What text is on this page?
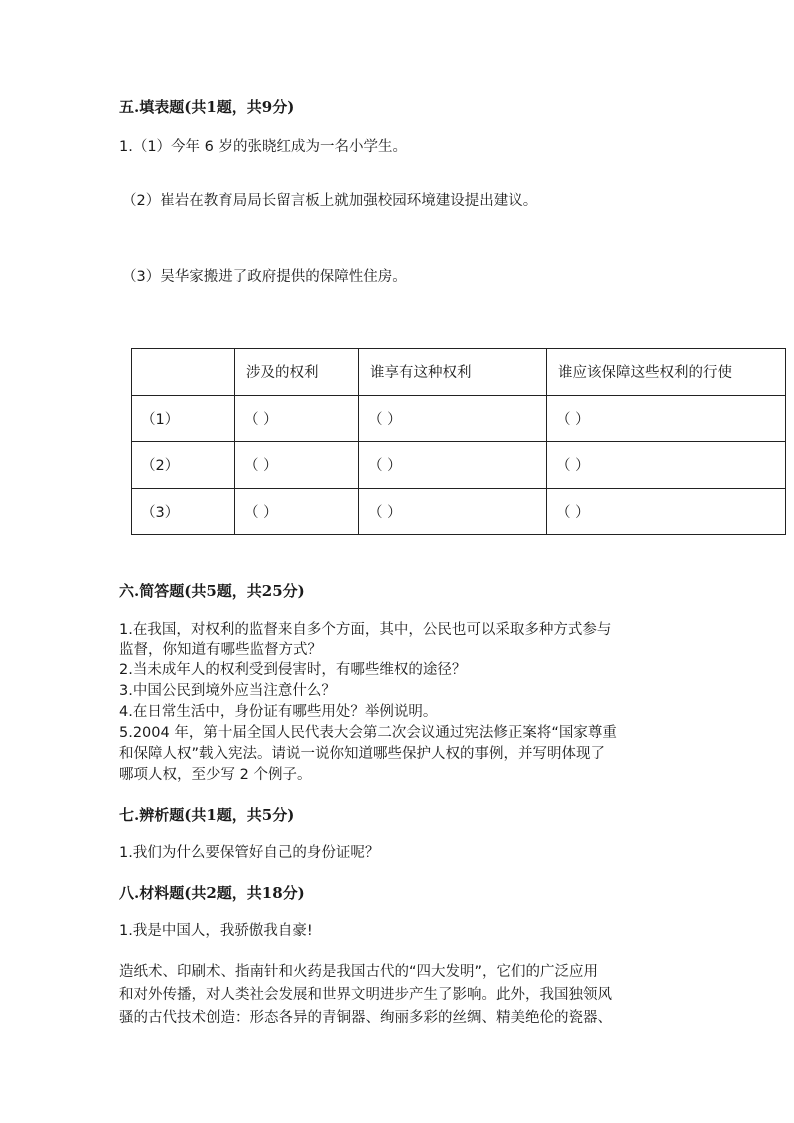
五.填表题(共1题，共9分)
1.（1）今年 6 岁的张晓红成为一名小学生。
（2）崔岩在教育局局长留言板上就加强校园环境建设提出建议。
（3）吴华家搬进了政府提供的保障性住房。
	涉及的权利	谁享有这种权利	谁应该保障这些权利的行使
（1）	（ ）	（ ）	（ ）
（2）	（ ）	（ ）	（ ）
（3）	（ ）	（ ）	（ ）
六.简答题(共5题，共25分)
1.在我国，对权利的监督来自多个方面，其中，公民也可以采取多种方式参与
监督，你知道有哪些监督方式？
2.当未成年人的权利受到侵害时，有哪些维权的途径？
3.中国公民到境外应当注意什么？
4.在日常生活中，身份证有哪些用处？举例说明。
5.2004 年，第十届全国人民代表大会第二次会议通过宪法修正案将“国家尊重
和保障人权”载入宪法。请说一说你知道哪些保护人权的事例，并写明体现了
哪项人权，至少写 2 个例子。
七.辨析题(共1题，共5分)
1.我们为什么要保管好自己的身份证呢？
八.材料题(共2题，共18分)
1.我是中国人，我骄傲我自豪!
造纸术、印刷术、指南针和火药是我国古代的“四大发明”，它们的广泛应用
和对外传播，对人类社会发展和世界文明进步产生了影响。此外，我国独领风
骚的古代技术创造：形态各异的青铜器、绚丽多彩的丝绸、精美绝伦的瓷器、
